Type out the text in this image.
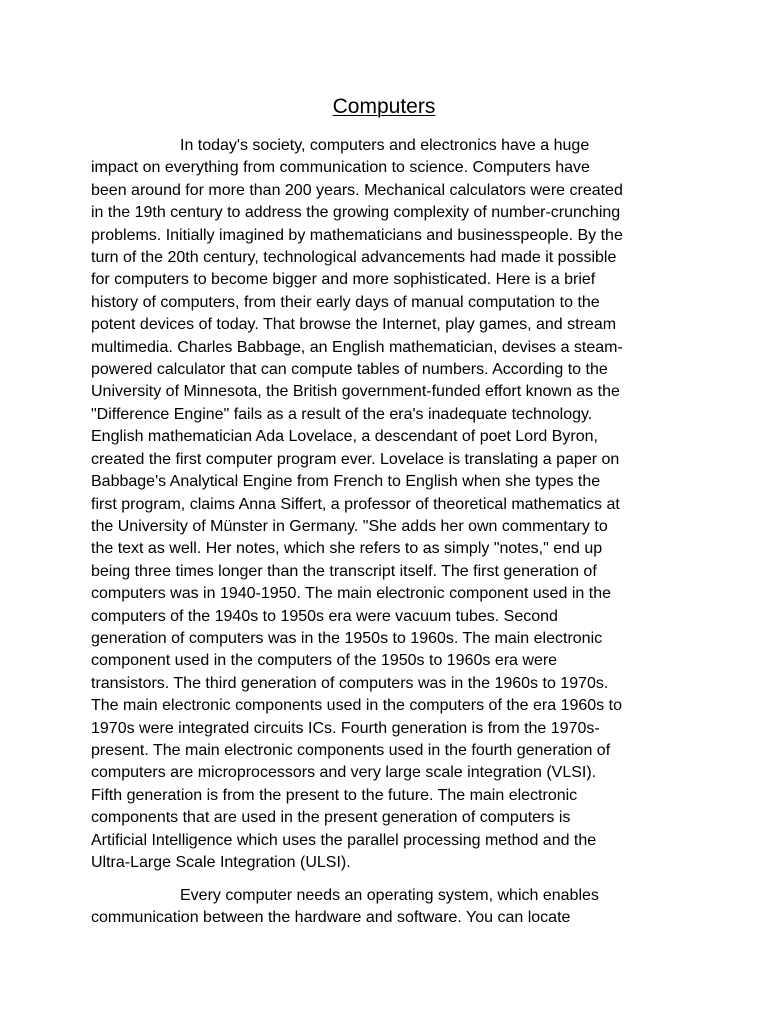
Computers
In today's society, computers and electronics have a huge
impact on everything from communication to science. Computers have
been around for more than 200 years. Mechanical calculators were created
in the 19th century to address the growing complexity of number-crunching
problems. Initially imagined by mathematicians and businesspeople. By the
turn of the 20th century, technological advancements had made it possible
for computers to become bigger and more sophisticated. Here is a brief
history of computers, from their early days of manual computation to the
potent devices of today. That browse the Internet, play games, and stream
multimedia. Charles Babbage, an English mathematician, devises a steam-
powered calculator that can compute tables of numbers. According to the
University of Minnesota, the British government-funded effort known as the
"Difference Engine" fails as a result of the era's inadequate technology.
English mathematician Ada Lovelace, a descendant of poet Lord Byron,
created the first computer program ever. Lovelace is translating a paper on
Babbage's Analytical Engine from French to English when she types the
first program, claims Anna Siffert, a professor of theoretical mathematics at
the University of Münster in Germany. "She adds her own commentary to
the text as well. Her notes, which she refers to as simply "notes," end up
being three times longer than the transcript itself. The first generation of
computers was in 1940-1950. The main electronic component used in the
computers of the 1940s to 1950s era were vacuum tubes. Second
generation of computers was in the 1950s to 1960s. The main electronic
component used in the computers of the 1950s to 1960s era were
transistors. The third generation of computers was in the 1960s to 1970s.
The main electronic components used in the computers of the era 1960s to
1970s were integrated circuits ICs. Fourth generation is from the 1970s-
present. The main electronic components used in the fourth generation of
computers are microprocessors and very large scale integration (VLSI).
Fifth generation is from the present to the future. The main electronic
components that are used in the present generation of computers is
Artificial Intelligence which uses the parallel processing method and the
Ultra-Large Scale Integration (ULSI).
Every computer needs an operating system, which enables
communication between the hardware and software. You can locate
